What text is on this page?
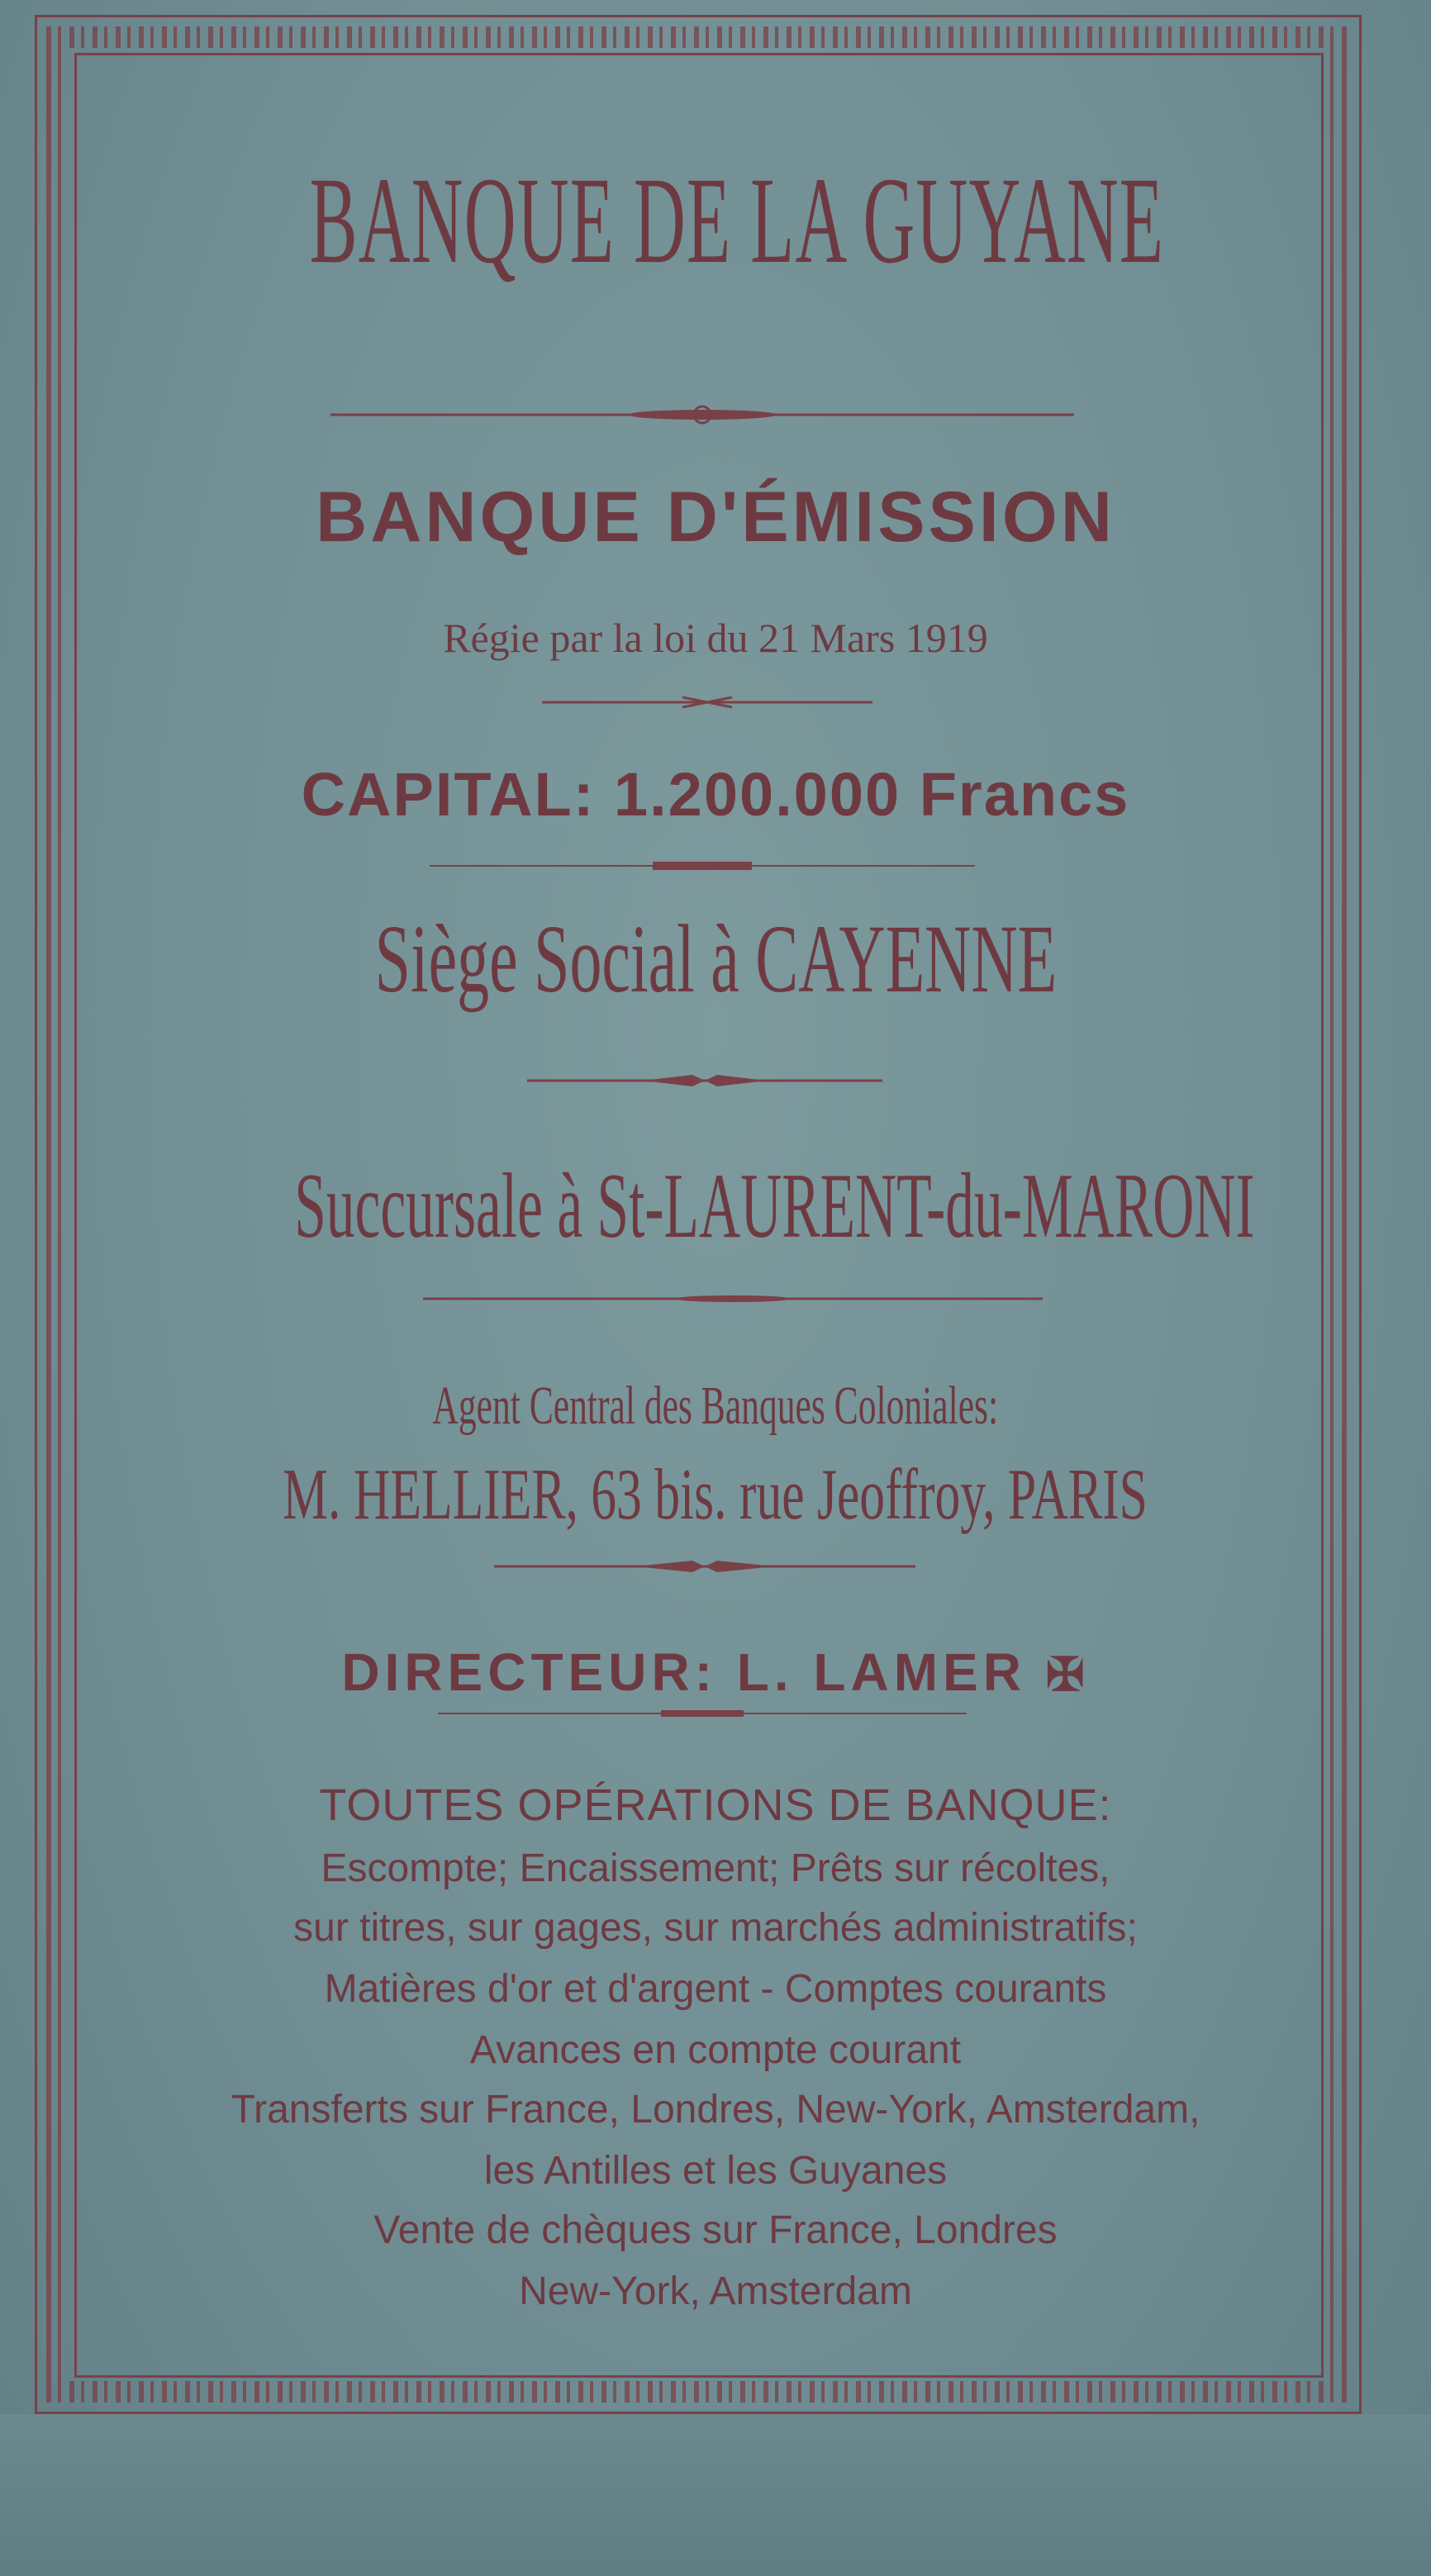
BANQUE DE LA GUYANE
BANQUE D'ÉMISSION
Régie par la loi du 21 Mars 1919
CAPITAL: 1.200.000 Francs
Siège Social à CAYENNE
Succursale à St-LAURENT-du-MARONI
Agent Central des Banques Coloniales:
M. HELLIER, 63 bis. rue Jeoffroy, PARIS
DIRECTEUR: L. LAMER ✠
TOUTES OPÉRATIONS DE BANQUE:
Escompte; Encaissement; Prêts sur récoltes,
sur titres, sur gages, sur marchés administratifs;
Matières d'or et d'argent - Comptes courants
Avances en compte courant
Transferts sur France, Londres, New-York, Amsterdam,
les Antilles et les Guyanes
Vente de chèques sur France, Londres
New-York, Amsterdam
